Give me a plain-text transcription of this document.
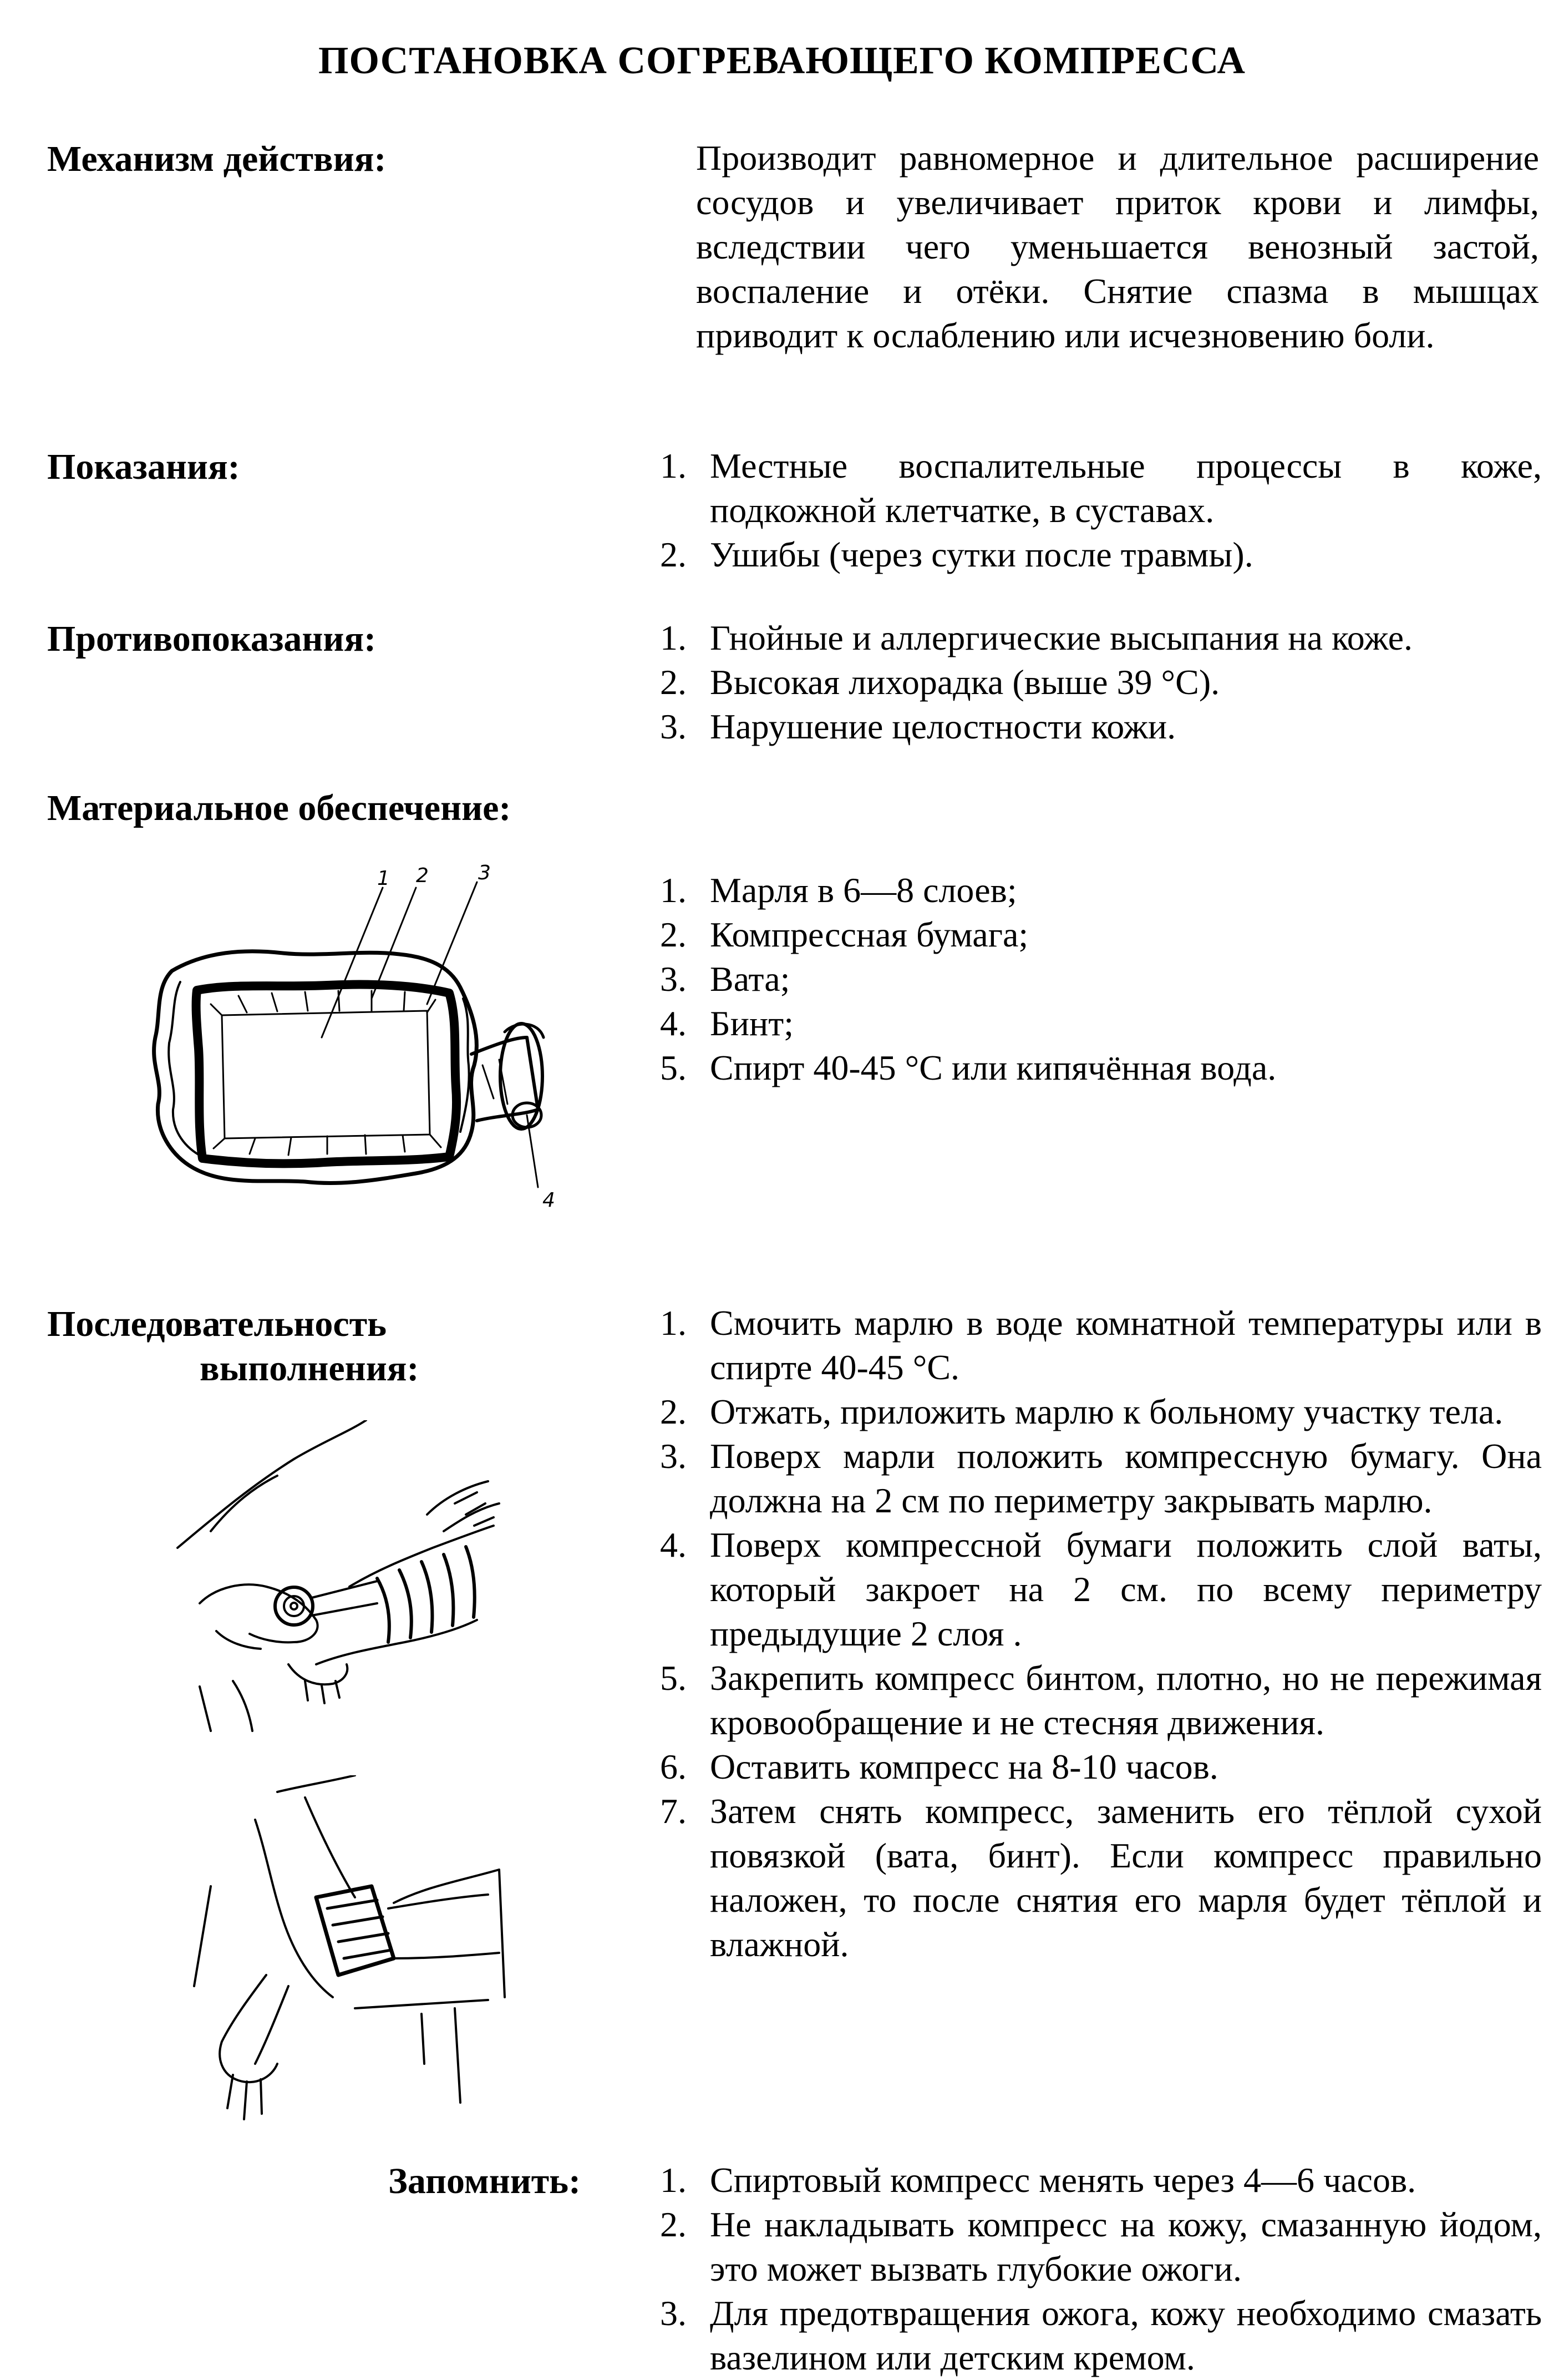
ПОСТАНОВКА СОГРЕВАЮЩЕГО КОМПРЕССА
Механизм действия:	Производит равномерное и длительное расширение сосудов и увеличивает приток крови и лимфы, вследствии чего уменьшается венозный застой, воспаление и отёки. Снятие спазма в мышцах приводит к ослаблению или исчезновению боли.
Показания:	1. Местные воспалительные процессы в коже, подкожной клетчатке, в суставах.
2. Ушибы (через сутки после травмы).
Противопоказания:	1. Гнойные и аллергические высыпания на коже.
2. Высокая лихорадка (выше 39 °С).
3. Нарушение целостности кожи.
Материальное обеспечение:
1. Марля в 6—8 слоев;
2. Компрессная бумага;
3. Вата;
4. Бинт;
5. Спирт 40-45 °С или кипячённая вода.
1 2 3
4
Последовательность
выполнения:
1. Смочить марлю в воде комнатной температуры или в спирте 40-45 °С.
2. Отжать, приложить марлю к больному участку тела.
3. Поверх марли положить компрессную бумагу. Она должна на 2 см по периметру закрывать марлю.
4. Поверх компрессной бумаги положить слой ваты, который закроет на 2 см. по всему периметру предыдущие 2 слоя .
5. Закрепить компресс бинтом, плотно, но не пережимая кровообращение и не стесняя движения.
6. Оставить компресс на 8-10 часов.
7. Затем снять компресс, заменить его тёплой сухой повязкой (вата, бинт). Если компресс правильно наложен, то после снятия его марля будет тёплой и влажной.
Запомнить: 1. Спиртовый компресс менять через 4—6 часов.
2. Не накладывать компресс на кожу, смазанную йодом, это может вызвать глубокие ожоги.
3. Для предотвращения ожога, кожу необходимо смазать вазелином или детским кремом.
